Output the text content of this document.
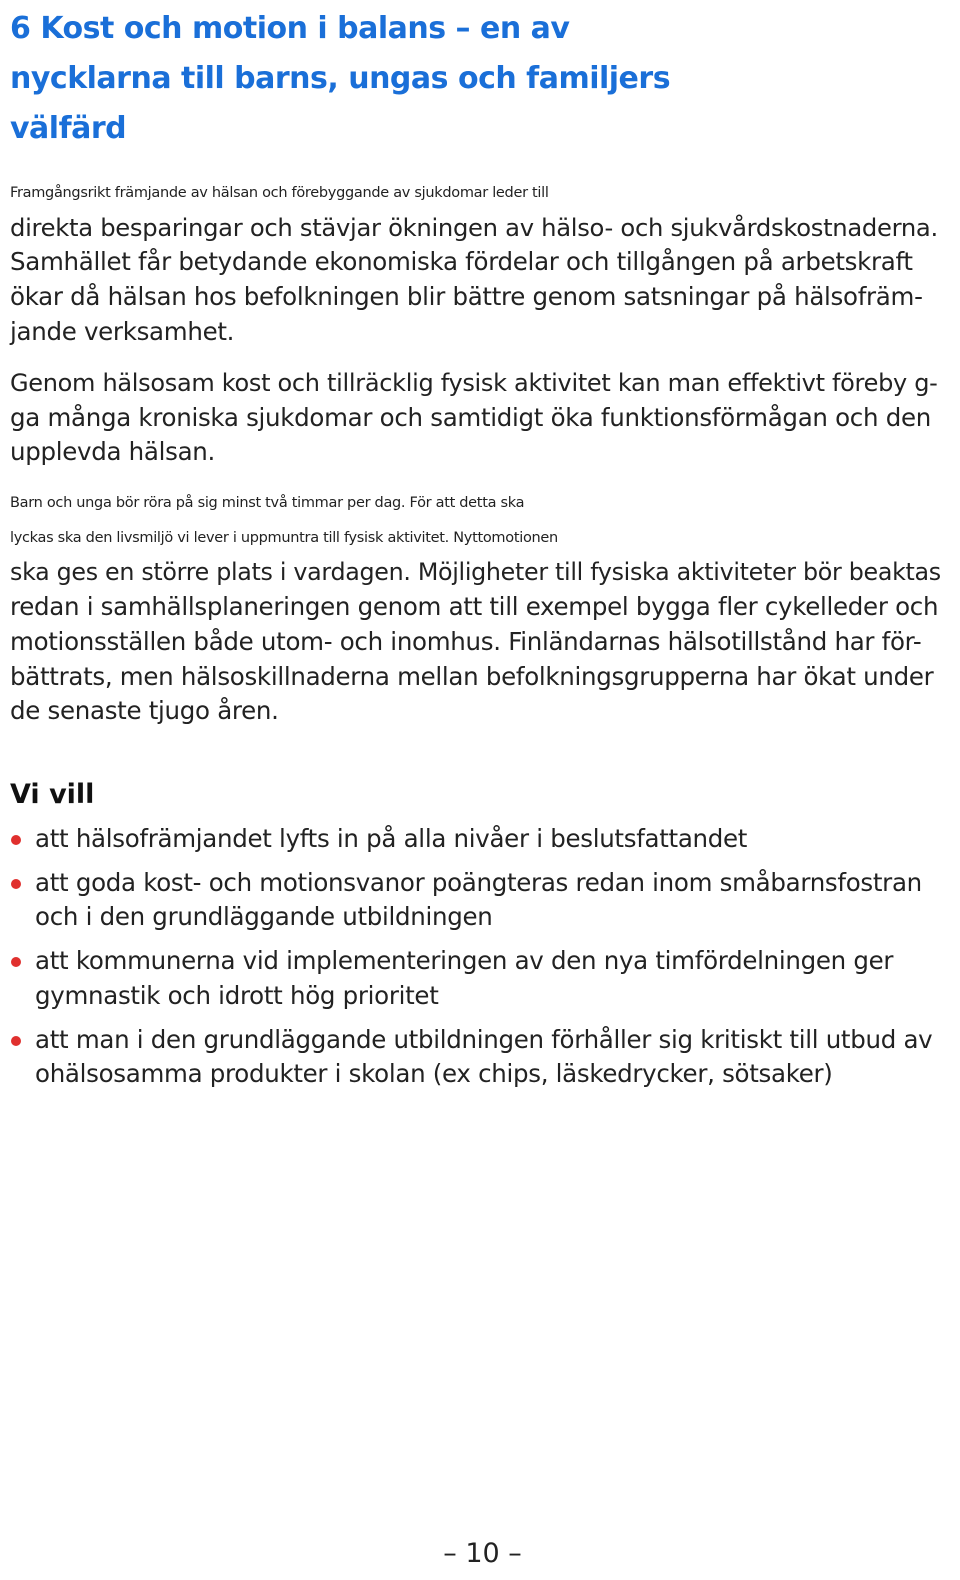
6 Kost och motion i balans – en av
nycklarna till barns, ungas och familjers
välfärd

Framgångsrikt främjande av hälsan och förebyggande av sjukdomar leder till
direkta besparingar och stävjar ökningen av hälso- och sjukvårdskostnaderna.
Samhället får betydande ekonomiska fördelar och tillgången på arbetskraft
ökar då hälsan hos befolkningen blir bättre genom satsningar på hälsofräm-
jande verksamhet.

Genom hälsosam kost och tillräcklig fysisk aktivitet kan man effektivt föreby g-
ga många kroniska sjukdomar och samtidigt öka funktionsförmågan och den
upplevda hälsan.

Barn och unga bör röra på sig minst två timmar per dag. För att detta ska
lyckas ska den livsmiljö vi lever i uppmuntra till fysisk aktivitet. Nyttomotionen
ska ges en större plats i vardagen. Möjligheter till fysiska aktiviteter bör beaktas
redan i samhällsplaneringen genom att till exempel bygga fler cykelleder och
motionsställen både utom- och inomhus. Finländarnas hälsotillstånd har för-
bättrats, men hälsoskillnaderna mellan befolkningsgrupperna har ökat under
de senaste tjugo åren.

Vi vill
att hälsofrämjandet lyfts in på alla nivåer i beslutsfattandet
att goda kost- och motionsvanor poängteras redan inom småbarnsfostran
och i den grundläggande utbildningen
att kommunerna vid implementeringen av den nya timfördelningen ger
gymnastik och idrott hög prioritet
att man i den grundläggande utbildningen förhåller sig kritiskt till utbud av
ohälsosamma produkter i skolan (ex chips, läskedrycker, sötsaker)
– 10 –
